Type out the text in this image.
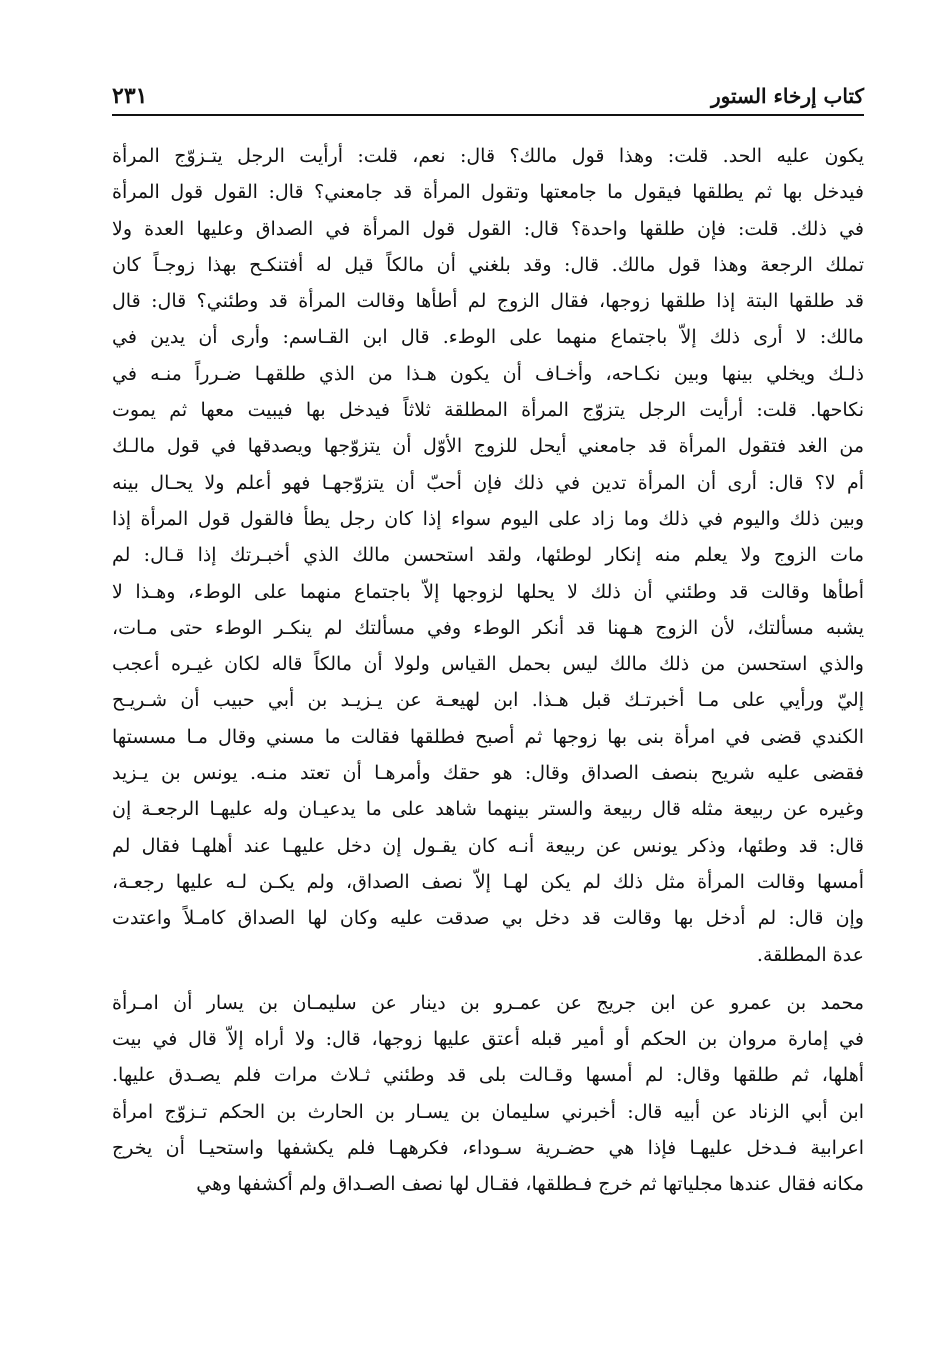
كتاب إرخاء الستور
٢٣١
يكون عليه الحد. قلت: وهذا قول مالك؟ قال: نعم، قلت: أرأيت الرجل يتـزوّج المرأة
فيدخل بها ثم يطلقها فيقول ما جامعتها وتقول المرأة قد جامعني؟ قال: القول قول المرأة
في ذلك. قلت: فإن طلقها واحدة؟ قال: القول قول المرأة في الصداق وعليها العدة ولا
تملك الرجعة وهذا قول مالك. قال: وقد بلغني أن مالكاً قيل له أفتنكـح بهذا زوجـاً كان
قد طلقها البتة إذا طلقها زوجها، فقال الزوج لم أطأها وقالت المرأة قد وطئني؟ قال: قال
مالك: لا أرى ذلك إلاّ باجتماع منهما على الوطء. قال ابن القـاسم: وأرى أن يدين في
ذلـك ويخلي بينها وبين نكـاحه، وأخـاف أن يكون هـذا من الذي طلقهـا ضـرراً منـه في
نكاحها. قلت: أرأيت الرجل يتزوّج المرأة المطلقة ثلاثاً فيدخل بها فيبيت معها ثم يموت
من الغد فتقول المرأة قد جامعني أيحل للزوج الأوّل أن يتزوّجها ويصدقها في قول مالـك
أم لا؟ قال: أرى أن المرأة تدين في ذلك فإن أحبّ أن يتزوّجهـا فهو أعلم ولا يحـال بينه
وبين ذلك واليوم في ذلك وما زاد على اليوم سواء إذا كان رجل يطأ فالقول قول المرأة إذا
مات الزوج ولا يعلم منه إنكار لوطئها، ولقد استحسن مالك الذي أخبـرتك إذا قـال: لم
أطأها وقالت قد وطئني أن ذلك لا يحلها لزوجها إلاّ باجتماع منهما على الوطء، وهـذا لا
يشبه مسألتك، لأن الزوج هـهنا قد أنكر الوطء وفي مسألتك لم ينكـر الوطء حتى مـات،
والذي استحسن من ذلك مالك ليس بحمل القياس ولولا أن مالكاً قاله لكان غيـره أعجب
إليّ ورأيي على مـا أخبرتـك قبل هـذا. ابن لهيعـة عن يـزيـد بن أبي حبيب أن شـريـح
الكندي قضى في امرأة بنى بها زوجها ثم أصبح فطلقها فقالت ما مسني وقال مـا مسستها
فقضى عليه شريح بنصف الصداق وقال: هو حقك وأمرهـا أن تعتد منـه. يونس بن يـزيد
وغيره عن ربيعة مثله قال ربيعة والستر بينهما شاهد على ما يدعيـان وله عليهـا الرجعـة إن
قال: قد وطئها، وذكر يونس عن ربيعة أنـه كان يقـول إن دخل عليهـا عند أهلهـا فقال لم
أمسها وقالت المرأة مثل ذلك لم يكن لهـا إلاّ نصف الصداق، ولم يكـن لـه عليها رجعـة،
وإن قال: لم أدخل بها وقالت قد دخل بي صدقت عليه وكان لها الصداق كامـلاً واعتدت
عدة المطلقة.
محمد بن عمرو عن ابن جريج عن عمـرو بن دينار عن سليمـان بن يسار أن امـرأة
في إمارة مروان بن الحكم أو أمير قبله أعتق عليها زوجها، قال: ولا أراه إلاّ قال في بيت
أهلها، ثم طلقها وقال: لم أمسها وقـالت بلى قد وطئني ثـلاث مرات فلم يصـدق عليها.
ابن أبي الزناد عن أبيه قال: أخبرني سليمان بن يسـار بن الحارث بن الحكم تـزوّج امرأة
اعرابية فـدخل عليهـا فإذا هي حضـرية سـوداء، فكرههـا فلم يكشفها واستحيـا أن يخرج
مكانه فقال عندها مجلياتها ثم خرج فـطلقها، فقـال لها نصف الصـداق ولم أكشفها وهي
